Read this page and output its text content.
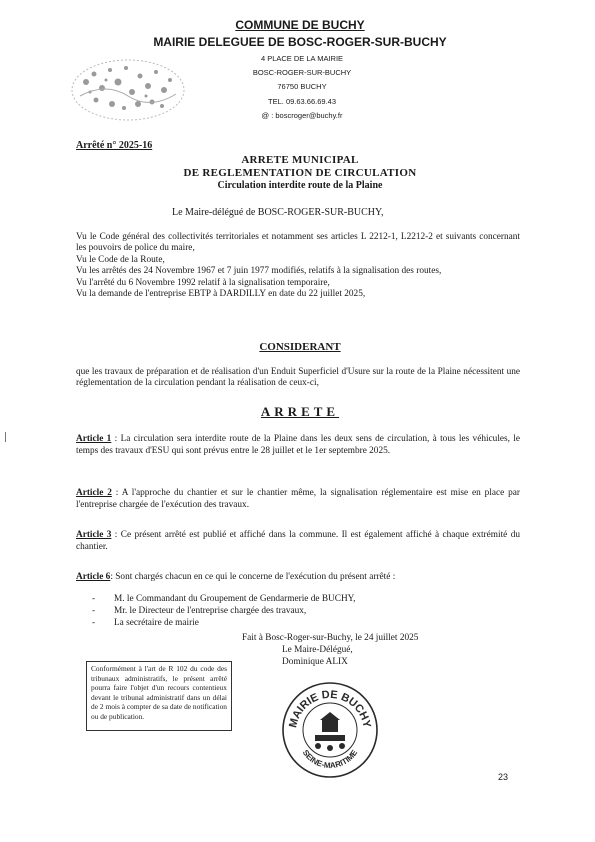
COMMUNE DE BUCHY
MAIRIE DELEGUEE DE BOSC-ROGER-SUR-BUCHY
4 PLACE DE LA MAIRIE
BOSC-ROGER-SUR-BUCHY
76750 BUCHY
TEL. 09.63.66.69.43
@ : boscroger@buchy.fr
Arrêté n° 2025-16
ARRETE MUNICIPAL
DE REGLEMENTATION DE CIRCULATION
Circulation interdite route de la Plaine
Le Maire-délégué de BOSC-ROGER-SUR-BUCHY,

Vu le Code général des collectivités territoriales et notamment ses articles L 2212-1, L2212-2 et suivants concernant les pouvoirs de police du maire,

Vu le Code de la Route,

Vu les arrêtés des 24 Novembre 1967 et 7 juin 1977 modifiés, relatifs à la signalisation des routes,

Vu l'arrêté du 6 Novembre 1992 relatif à la signalisation temporaire,

Vu la demande de l'entreprise EBTP à DARDILLY en date du 22 juillet 2025,

CONSIDERANT
que les travaux de préparation et de réalisation d'un Enduit Superficiel d'Usure sur la route de la Plaine nécessitent une réglementation de la circulation pendant la réalisation de ceux-ci,
ARRETE
Article 1 : La circulation sera interdite route de la Plaine dans les deux sens de circulation, à tous les véhicules, le temps des travaux d'ESU qui sont prévus entre le 28 juillet et le 1er septembre 2025.
Article 2 : A l'approche du chantier et sur le chantier même, la signalisation réglementaire est mise en place par l'entreprise chargée de l'exécution des travaux.
Article 3 : Ce présent arrêté est publié et affiché dans la commune. Il est également affiché à chaque extrémité du chantier.
Article 6: Sont chargés chacun en ce qui le concerne de l'exécution du présent arrêté :
- M. le Commandant du Groupement de Gendarmerie de BUCHY,
- Mr. le Directeur de l'entreprise chargée des travaux,
- La secrétaire de mairie
Fait à Bosc-Roger-sur-Buchy, le 24 juillet 2025
Le Maire-Délégué,
Dominique ALIX
Conformément à l'art de R 102 du code des tribunaux administratifs, le présent arrêté pourra faire l'objet d'un recours contentieux devant le tribunal administratif dans un délai de 2 mois à compter de sa date de notification ou de publication.
MAIRIE DE BUCHY
SEINE-MARITIME
23
